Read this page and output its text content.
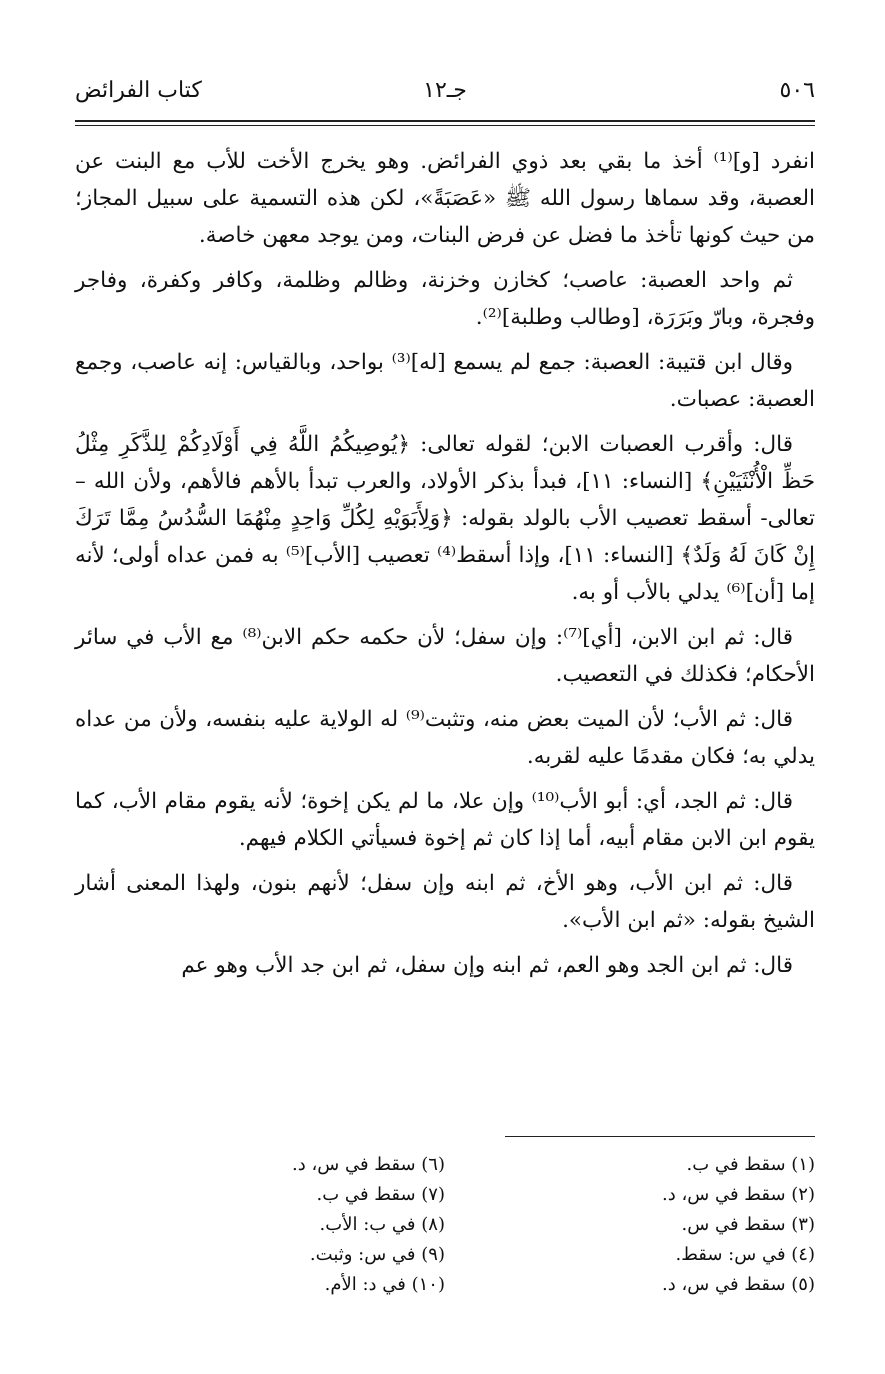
٥٠٦
جـ١٢
كتاب الفرائض

انفرد [و]⁽¹⁾ أخذ ما بقي بعد ذوي الفرائض. وهو يخرج الأخت للأب مع البنت عن العصبة، وقد سماها رسول الله ﷺ «عَصَبَةً»، لكن هذه التسمية على سبيل المجاز؛ من حيث كونها تأخذ ما فضل عن فرض البنات، ومن يوجد معهن خاصة.

ثم واحد العصبة: عاصب؛ كخازن وخزنة، وظالم وظلمة، وكافر وكفرة، وفاجر وفجرة، وبارّ وبَرَرَة، [وطالب وطلبة]⁽²⁾.

وقال ابن قتيبة: العصبة: جمع لم يسمع [له]⁽³⁾ بواحد، وبالقياس: إنه عاصب، وجمع العصبة: عصبات.

قال: وأقرب العصبات الابن؛ لقوله تعالى: ﴿يُوصِيكُمُ اللَّهُ فِي أَوْلَادِكُمْ لِلذَّكَرِ مِثْلُ حَظِّ الْأُنْثَيَيْنِ﴾ [النساء: ١١]، فبدأ بذكر الأولاد، والعرب تبدأ بالأهم فالأهم، ولأن الله – تعالى- أسقط تعصيب الأب بالولد بقوله: ﴿وَلِأَبَوَيْهِ لِكُلِّ وَاحِدٍ مِنْهُمَا السُّدُسُ مِمَّا تَرَكَ إِنْ كَانَ لَهُ وَلَدٌ﴾ [النساء: ١١]، وإذا أسقط⁽⁴⁾ تعصيب [الأب]⁽⁵⁾ به فمن عداه أولى؛ لأنه إما [أن]⁽⁶⁾ يدلي بالأب أو به.

قال: ثم ابن الابن، [أي]⁽⁷⁾: وإن سفل؛ لأن حكمه حكم الابن⁽⁸⁾ مع الأب في سائر الأحكام؛ فكذلك في التعصيب.

قال: ثم الأب؛ لأن الميت بعض منه، وتثبت⁽⁹⁾ له الولاية عليه بنفسه، ولأن من عداه يدلي به؛ فكان مقدمًا عليه لقربه.

قال: ثم الجد، أي: أبو الأب⁽¹⁰⁾ وإن علا، ما لم يكن إخوة؛ لأنه يقوم مقام الأب، كما يقوم ابن الابن مقام أبيه، أما إذا كان ثم إخوة فسيأتي الكلام فيهم.

قال: ثم ابن الأب، وهو الأخ، ثم ابنه وإن سفل؛ لأنهم بنون، ولهذا المعنى أشار الشيخ بقوله: «ثم ابن الأب».

قال: ثم ابن الجد وهو العم، ثم ابنه وإن سفل، ثم ابن جد الأب وهو عم

(١) سقط في ب.
(٢) سقط في س، د.
(٣) سقط في س.
(٤) في س: سقط.
(٥) سقط في س، د.
(٦) سقط في س، د.
(٧) سقط في ب.
(٨) في ب: الأب.
(٩) في س: وثبت.
(١٠) في د: الأم.
